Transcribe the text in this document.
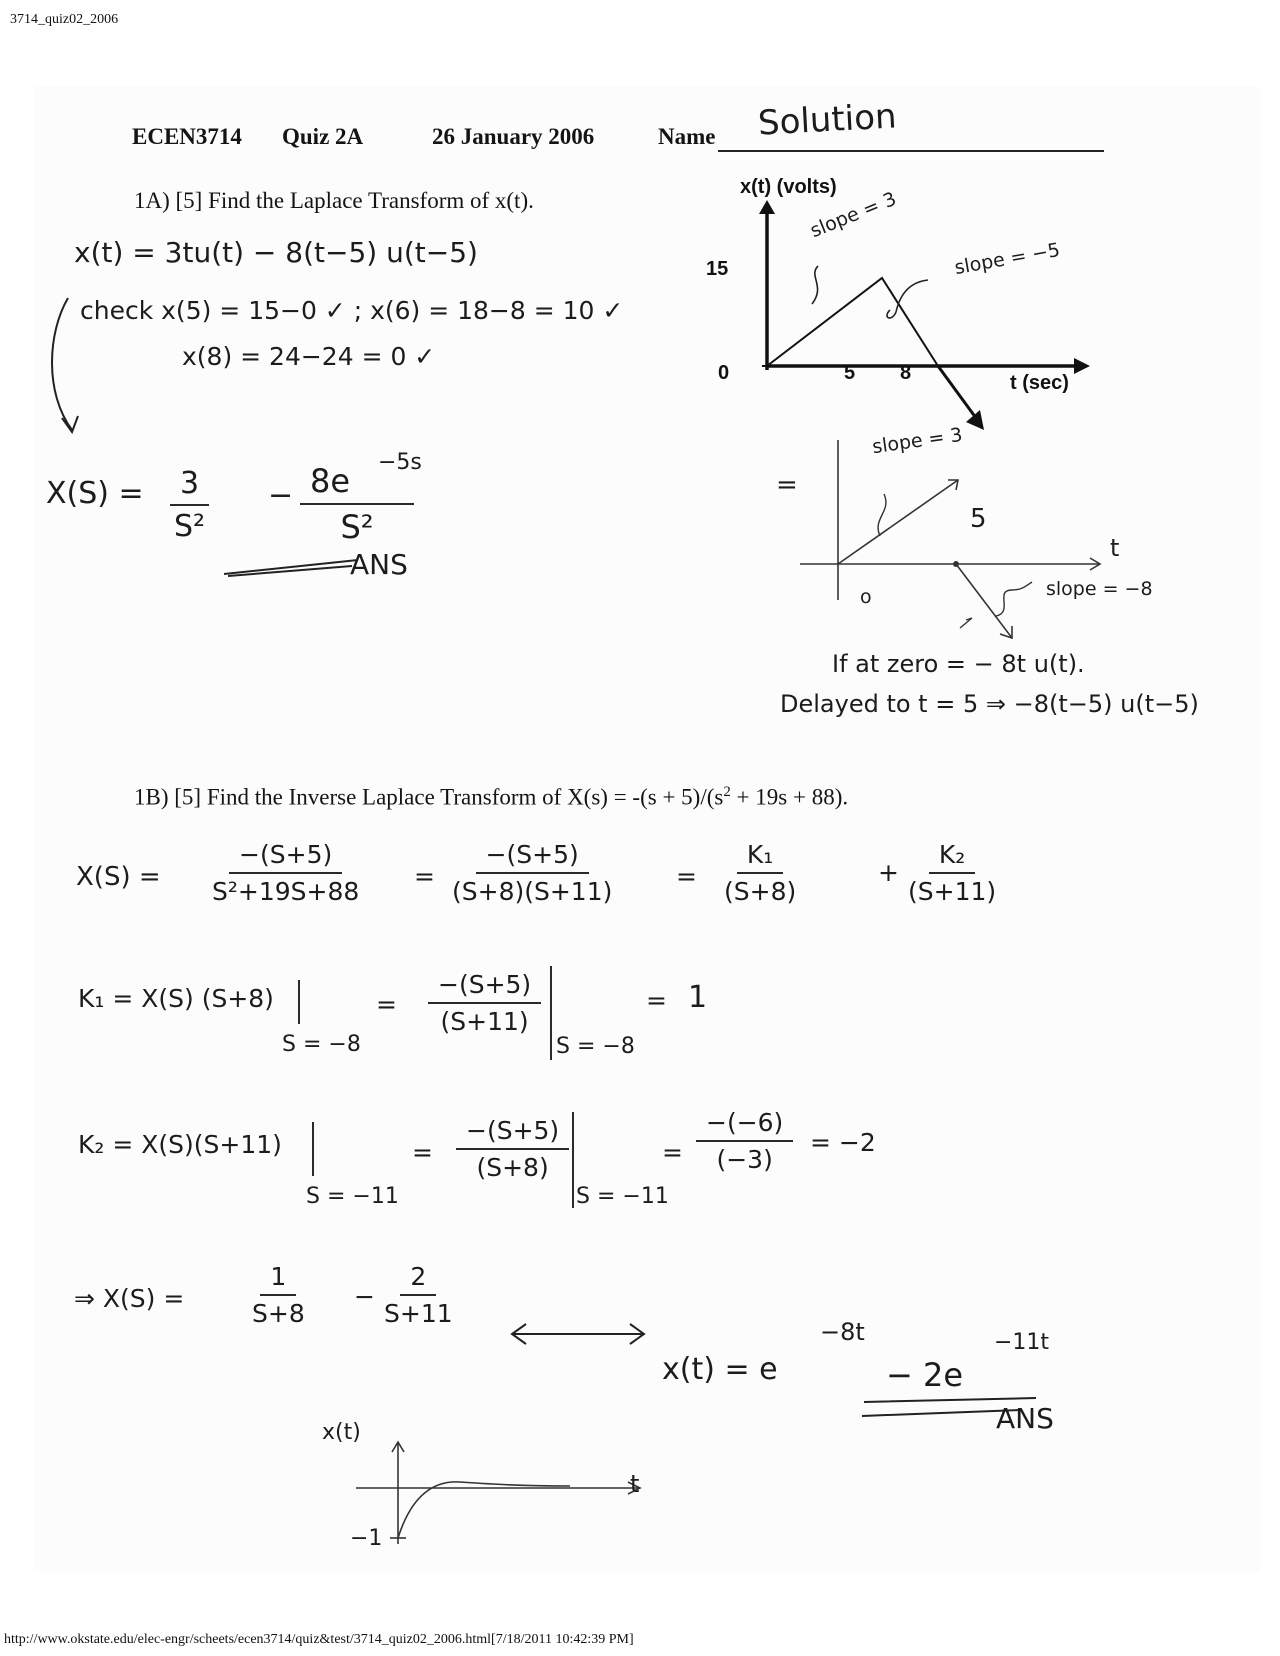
3714_quiz02_2006
ECEN3714 Quiz 2A	26 January 2006	Name Solution
1A) [5] Find the Laplace Transform of x(t).
x(t) = 3tu(t) − 8(t−5) u(t−5)
check x(5) = 15−0 ✓ ; x(6) = 18−8 = 10 ✓
x(8) = 24−24 = 0 ✓
$X(S) = \frac{3}{\text{S²}} - \frac{8e}{\text{S²}}$
−5s
ANS
x(t) (volts)
15
0	5 8	t (sec)
slope = 3
slope = −5
=
slope = 3
5
t
o	slope = −8
If at zero = − 8t u(t).
Delayed to t = 5 ⇒ −8(t−5) u(t−5)
1B) [5] Find the Inverse Laplace Transform of $X(s) = -(s + 5)/(s^2 + 19s + 88)$.
$X(S) = \frac{-(S+5)}{\text{S²+19S+88}} = \frac{-(S+5)}{(S+8)(S+11)}$	= $\frac{\text{K₁}}{(S+8)}$	+ $\frac{\text{K₂}}{(S+11)}$
K₁ = X(S) (S+8)
S = −8
= $\frac{-(S+5)}{(S+11)}$
S = −8
= 1
K₂ = X(S)(S+11)
S = −11
= $\frac{-(S+5)}{(S+8)}$
S = −11
= $\frac{-(-6)}{(-3)} = -2$
⇒ X(S) =	$\frac{1}{S+8} - \frac{2}{S+11}$
x(t) = e
−8t
− 2e
−11t
ANS
x(t)
t
−1
http://www.okstate.edu/elec-engr/scheets/ecen3714/quiz&test/3714_quiz02_2006.html[7/18/2011 10:42:39 PM]
